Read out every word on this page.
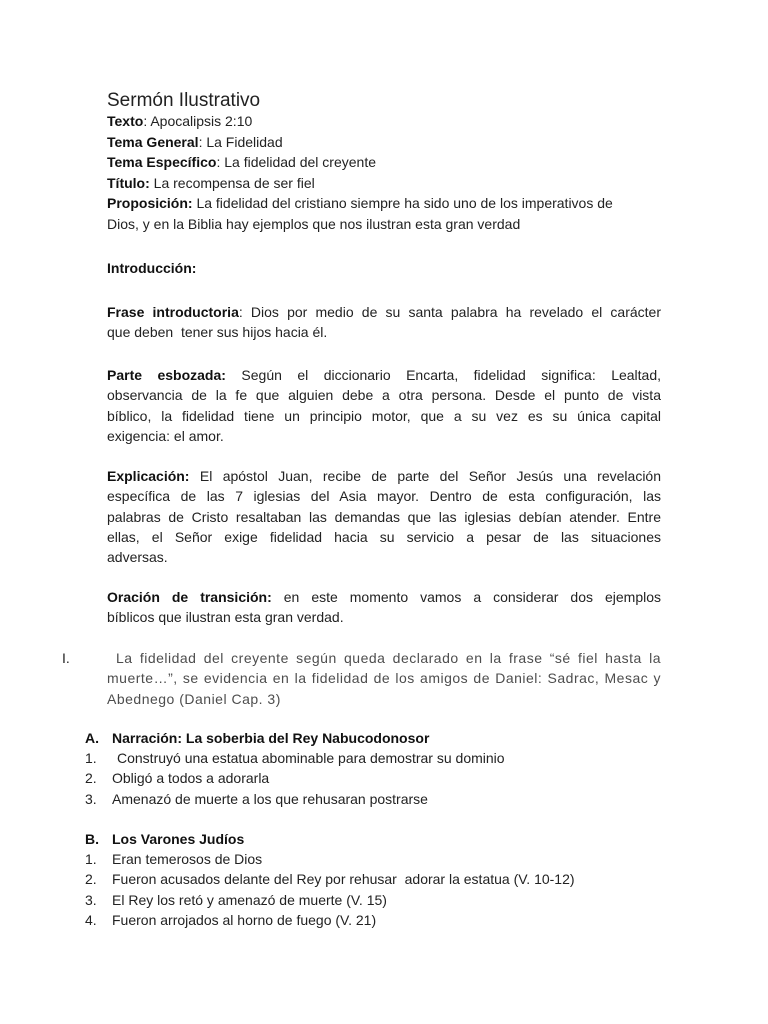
Sermón Ilustrativo
Texto: Apocalipsis 2:10
Tema General: La Fidelidad
Tema Específico: La fidelidad del creyente
Título: La recompensa de ser fiel
Proposición: La fidelidad del cristiano siempre ha sido uno de los imperativos de
Dios, y en la Biblia hay ejemplos que nos ilustran esta gran verdad
Introducción:
Frase introductoria: Dios por medio de su santa palabra ha revelado el carácter
que deben  tener sus hijos hacia él.
Parte esbozada: Según el diccionario Encarta, fidelidad significa: Lealtad,
observancia de la fe que alguien debe a otra persona. Desde el punto de vista
bíblico, la fidelidad tiene un principio motor, que a su vez es su única capital
exigencia: el amor.
Explicación: El apóstol Juan, recibe de parte del Señor Jesús una revelación
específica de las 7 iglesias del Asia mayor. Dentro de esta configuración, las
palabras de Cristo resaltaban las demandas que las iglesias debían atender. Entre
ellas, el Señor exige fidelidad hacia su servicio a pesar de las situaciones
adversas.
Oración de transición: en este momento vamos a considerar dos ejemplos
bíblicos que ilustran esta gran verdad.
I.	La fidelidad del creyente según queda declarado en la frase “sé fiel hasta la
muerte…”, se evidencia en la fidelidad de los amigos de Daniel: Sadrac, Mesac y
Abednego (Daniel Cap. 3)
A. Narración: La soberbia del Rey Nabucodonosor
1.	Construyó una estatua abominable para demostrar su dominio
2.	Obligó a todos a adorarla
3.	Amenazó de muerte a los que rehusaran postrarse
B. Los Varones Judíos
1.	Eran temerosos de Dios
2.	Fueron acusados delante del Rey por rehusar  adorar la estatua (V. 10-12)
3.	El Rey los retó y amenazó de muerte (V. 15)
4.	Fueron arrojados al horno de fuego (V. 21)
